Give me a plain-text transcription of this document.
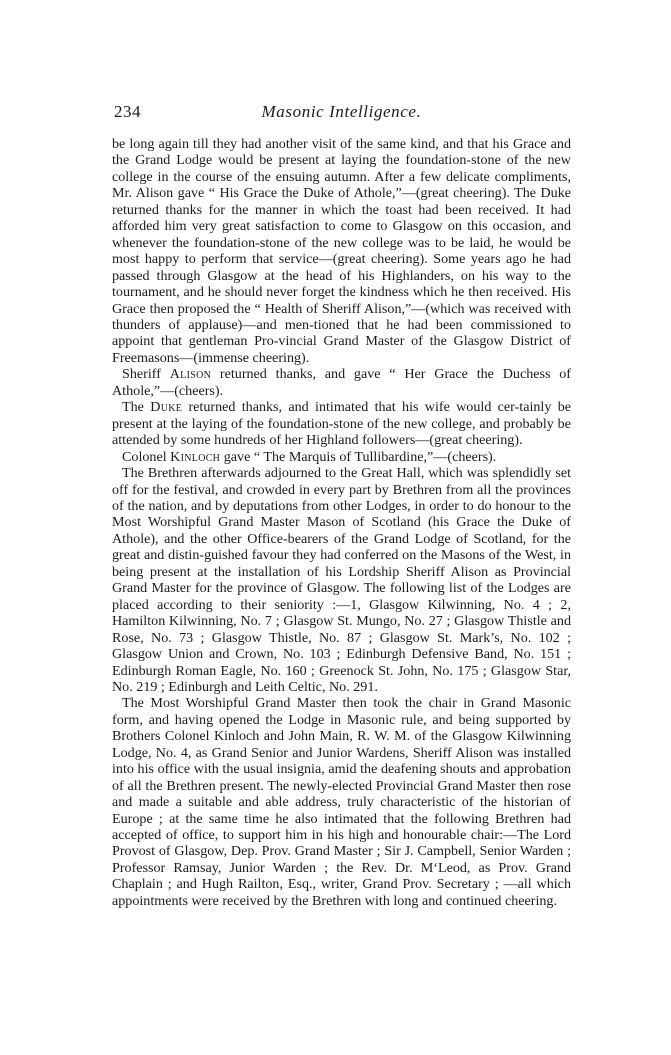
234	Masonic Intelligence.

be long again till they had another visit of the same kind, and that his Grace and the Grand Lodge would be present at laying the foundation-stone of the new college in the course of the ensuing autumn. After a few delicate compliments, Mr. Alison gave “ His Grace the Duke of Athole,”—(great cheering). The Duke returned thanks for the manner in which the toast had been received. It had afforded him very great satisfaction to come to Glasgow on this occasion, and whenever the foundation-stone of the new college was to be laid, he would be most happy to perform that service—(great cheering). Some years ago he had passed through Glasgow at the head of his Highlanders, on his way to the tournament, and he should never forget the kindness which he then received. His Grace then proposed the “ Health of Sheriff Alison,”—(which was received with thunders of applause)—and men-tioned that he had been commissioned to appoint that gentleman Pro-vincial Grand Master of the Glasgow District of Freemasons—(immense cheering).

Sheriff Alison returned thanks, and gave “ Her Grace the Duchess of Athole,”—(cheers).

The Duke returned thanks, and intimated that his wife would cer-tainly be present at the laying of the foundation-stone of the new college, and probably be attended by some hundreds of her Highland followers—(great cheering).

Colonel Kinloch gave “ The Marquis of Tullibardine,”—(cheers).

The Brethren afterwards adjourned to the Great Hall, which was splendidly set off for the festival, and crowded in every part by Brethren from all the provinces of the nation, and by deputations from other Lodges, in order to do honour to the Most Worshipful Grand Master Mason of Scotland (his Grace the Duke of Athole), and the other Office-bearers of the Grand Lodge of Scotland, for the great and distin-guished favour they had conferred on the Masons of the West, in being present at the installation of his Lordship Sheriff Alison as Provincial Grand Master for the province of Glasgow. The following list of the Lodges are placed according to their seniority :—1, Glasgow Kilwinning, No. 4 ; 2, Hamilton Kilwinning, No. 7 ; Glasgow St. Mungo, No. 27 ; Glasgow Thistle and Rose, No. 73 ; Glasgow Thistle, No. 87 ; Glasgow St. Mark’s, No. 102 ; Glasgow Union and Crown, No. 103 ; Edinburgh Defensive Band, No. 151 ; Edinburgh Roman Eagle, No. 160 ; Greenock St. John, No. 175 ; Glasgow Star, No. 219 ; Edinburgh and Leith Celtic, No. 291.

The Most Worshipful Grand Master then took the chair in Grand Masonic form, and having opened the Lodge in Masonic rule, and being supported by Brothers Colonel Kinloch and John Main, R. W. M. of the Glasgow Kilwinning Lodge, No. 4, as Grand Senior and Junior Wardens, Sheriff Alison was installed into his office with the usual insignia, amid the deafening shouts and approbation of all the Brethren present. The newly-elected Provincial Grand Master then rose and made a suitable and able address, truly characteristic of the historian of Europe ; at the same time he also intimated that the following Brethren had accepted of office, to support him in his high and honourable chair:—The Lord Provost of Glasgow, Dep. Prov. Grand Master ; Sir J. Campbell, Senior Warden ; Professor Ramsay, Junior Warden ; the Rev. Dr. M‘Leod, as Prov. Grand Chaplain ; and Hugh Railton, Esq., writer, Grand Prov. Secretary ; —all which appointments were received by the Brethren with long and continued cheering.
